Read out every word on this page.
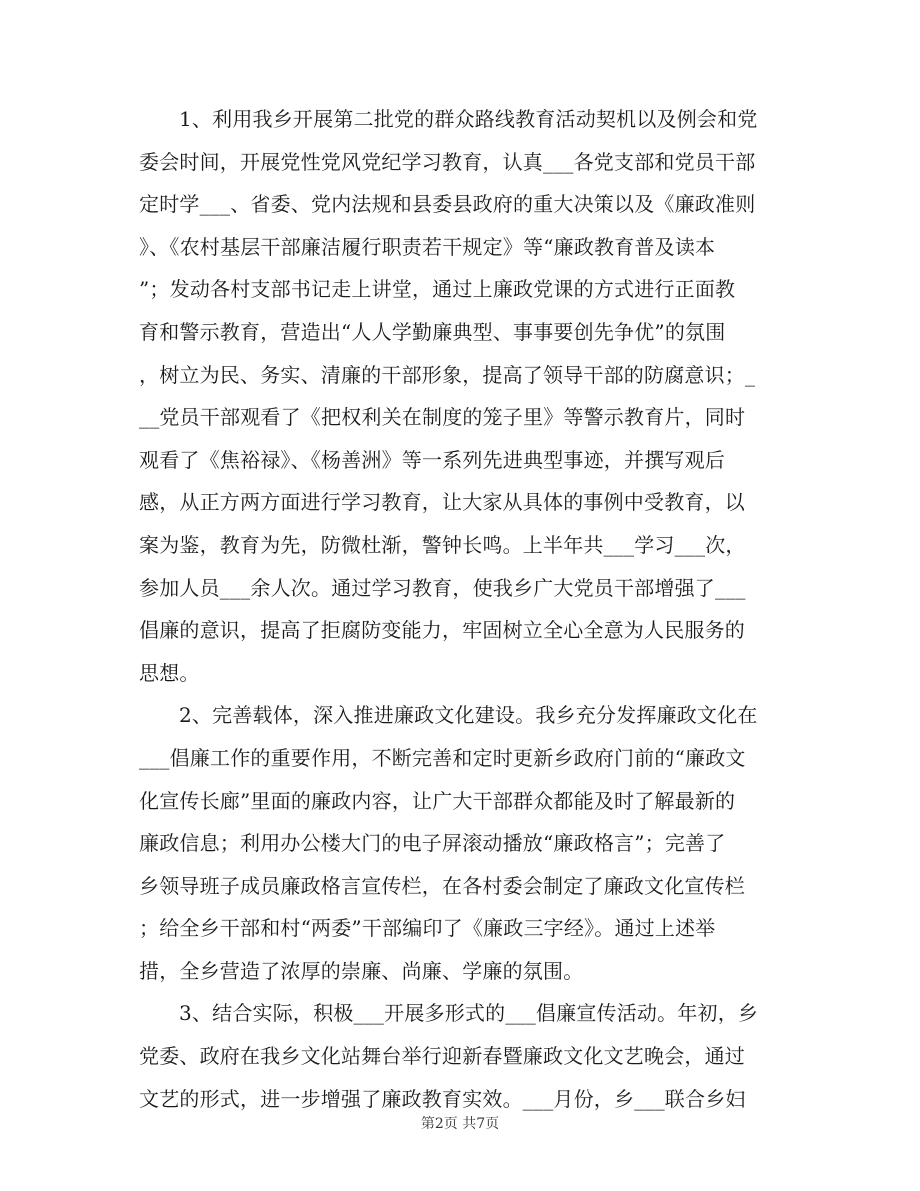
1、利用我乡开展第二批党的群众路线教育活动契机以及例会和党
委会时间，开展党性党风党纪学习教育，认真___各党支部和党员干部
定时学___、省委、党内法规和县委县政府的重大决策以及《廉政准则
》、《农村基层干部廉洁履行职责若干规定》等“廉政教育普及读本
”；发动各村支部书记走上讲堂，通过上廉政党课的方式进行正面教
育和警示教育，营造出“人人学勤廉典型、事事要创先争优”的氛围
，树立为民、务实、清廉的干部形象，提高了领导干部的防腐意识；_
__党员干部观看了《把权利关在制度的笼子里》等警示教育片，同时
观看了《焦裕禄》、《杨善洲》等一系列先进典型事迹，并撰写观后
感，从正方两方面进行学习教育，让大家从具体的事例中受教育，以
案为鉴，教育为先，防微杜渐，警钟长鸣。上半年共___学习___次，
参加人员___余人次。通过学习教育，使我乡广大党员干部增强了___
倡廉的意识，提高了拒腐防变能力，牢固树立全心全意为人民服务的
思想。
2、完善载体，深入推进廉政文化建设。我乡充分发挥廉政文化在
___倡廉工作的重要作用，不断完善和定时更新乡政府门前的“廉政文
化宣传长廊”里面的廉政内容，让广大干部群众都能及时了解最新的
廉政信息；利用办公楼大门的电子屏滚动播放“廉政格言”；完善了
乡领导班子成员廉政格言宣传栏，在各村委会制定了廉政文化宣传栏
；给全乡干部和村“两委”干部编印了《廉政三字经》。通过上述举
措，全乡营造了浓厚的崇廉、尚廉、学廉的氛围。
3、结合实际，积极___开展多形式的___倡廉宣传活动。年初，乡
党委、政府在我乡文化站舞台举行迎新春暨廉政文化文艺晚会，通过
文艺的形式，进一步增强了廉政教育实效。___月份，乡___联合乡妇
第2页 共7页
